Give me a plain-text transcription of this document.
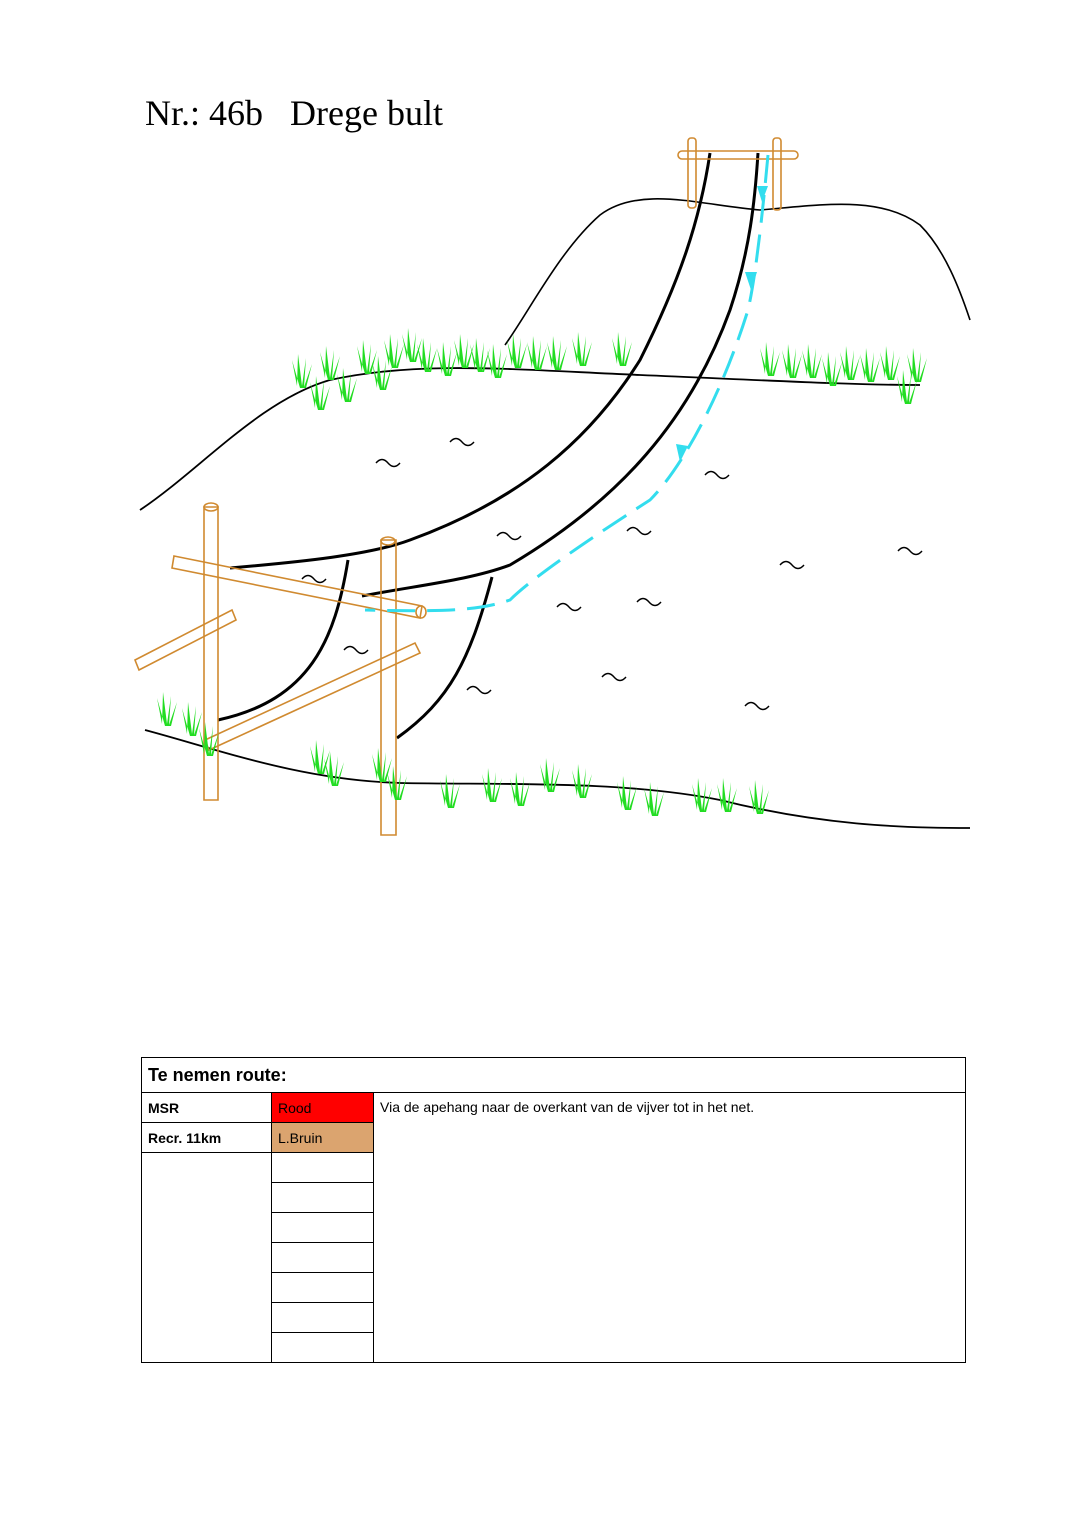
Nr.: 46b   Drege bult
Te nemen route:		
MSR	Rood	Via de apehang naar de overkant van de vijver tot in het net.
Recr. 11km	L.Bruin	
